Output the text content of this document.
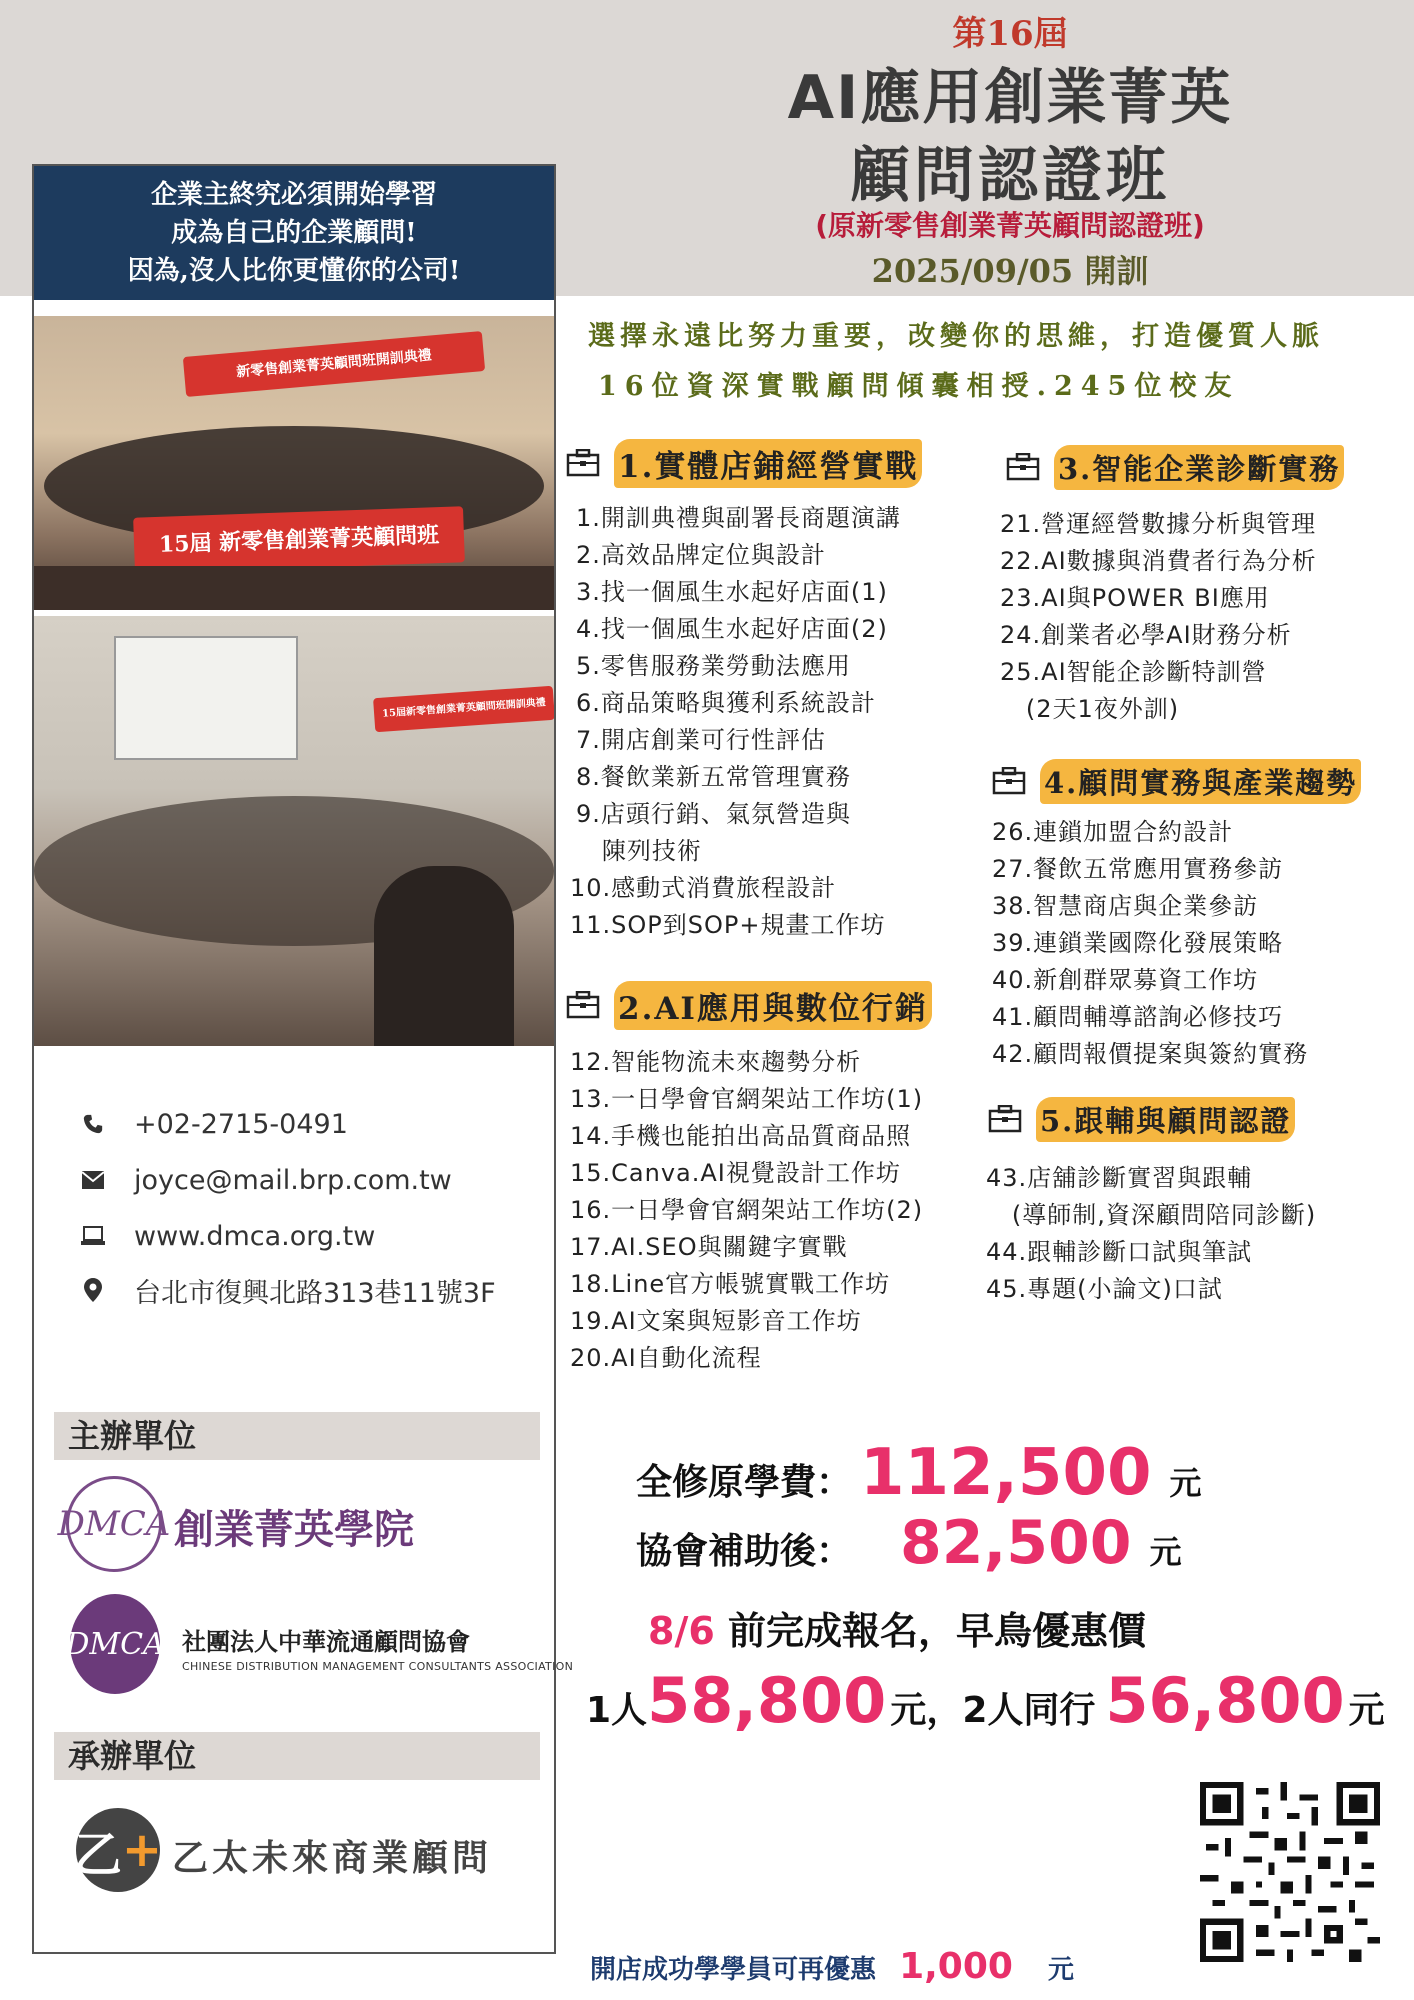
第16屆
AI應用創業菁英
顧問認證班
(原新零售創業菁英顧問認證班)
2025/09/05 開訓
企業主終究必須開始學習
成為自己的企業顧問!
因為,沒人比你更懂你的公司!
新零售創業菁英顧問班開訓典禮
15屆 新零售創業菁英顧問班
15屆新零售創業菁英顧問班開訓典禮
+02-2715-0491
joyce@mail.brp.com.tw
www.dmca.org.tw
台北市復興北路313巷11號3F
主辦單位
DMCA 創業菁英學院
DMCA 社團法人中華流通顧問協會
CHINESE DISTRIBUTION MANAGEMENT CONSULTANTS ASSOCIATION
承辦單位
乙 + 乙太未來商業顧問
選擇永遠比努力重要，改變你的思維，打造優質人脈
16位資深實戰顧問傾囊相授.245位校友
1.實體店鋪經營實戰
1.開訓典禮與副署長商題演講
2.高效品牌定位與設計
3.找一個風生水起好店面(1)
4.找一個風生水起好店面(2)
5.零售服務業勞動法應用
6.商品策略與獲利系統設計
7.開店創業可行性評估
8.餐飲業新五常管理實務
9.店頭行銷、氣氛營造與
陳列技術
10.感動式消費旅程設計
11.SOP到SOP+規畫工作坊
2.AI應用與數位行銷
12.智能物流未來趨勢分析
13.一日學會官網架站工作坊(1)
14.手機也能拍出高品質商品照
15.Canva.AI視覺設計工作坊
16.一日學會官網架站工作坊(2)
17.AI.SEO與關鍵字實戰
18.Line官方帳號實戰工作坊
19.AI文案與短影音工作坊
20.AI自動化流程
3.智能企業診斷實務
21.營運經營數據分析與管理
22.AI數據與消費者行為分析
23.AI與POWER BI應用
24.創業者必學AI財務分析
25.AI智能企診斷特訓營
(2天1夜外訓)
4.顧問實務與產業趨勢
26.連鎖加盟合約設計
27.餐飲五常應用實務參訪
38.智慧商店與企業參訪
39.連鎖業國際化發展策略
40.新創群眾募資工作坊
41.顧問輔導諮詢必修技巧
42.顧問報價提案與簽約實務
5.跟輔與顧問認證
43.店舖診斷實習與跟輔
(導師制,資深顧問陪同診斷)
44.跟輔診斷口試與筆試
45.專題(小論文)口試
全修原學費： 112,500 元
協會補助後： 82,500 元
8/6 前完成報名，早鳥優惠價
1人 58,800 元，2人同行 56,800 元
開店成功學學員可再優惠 1,000 元
